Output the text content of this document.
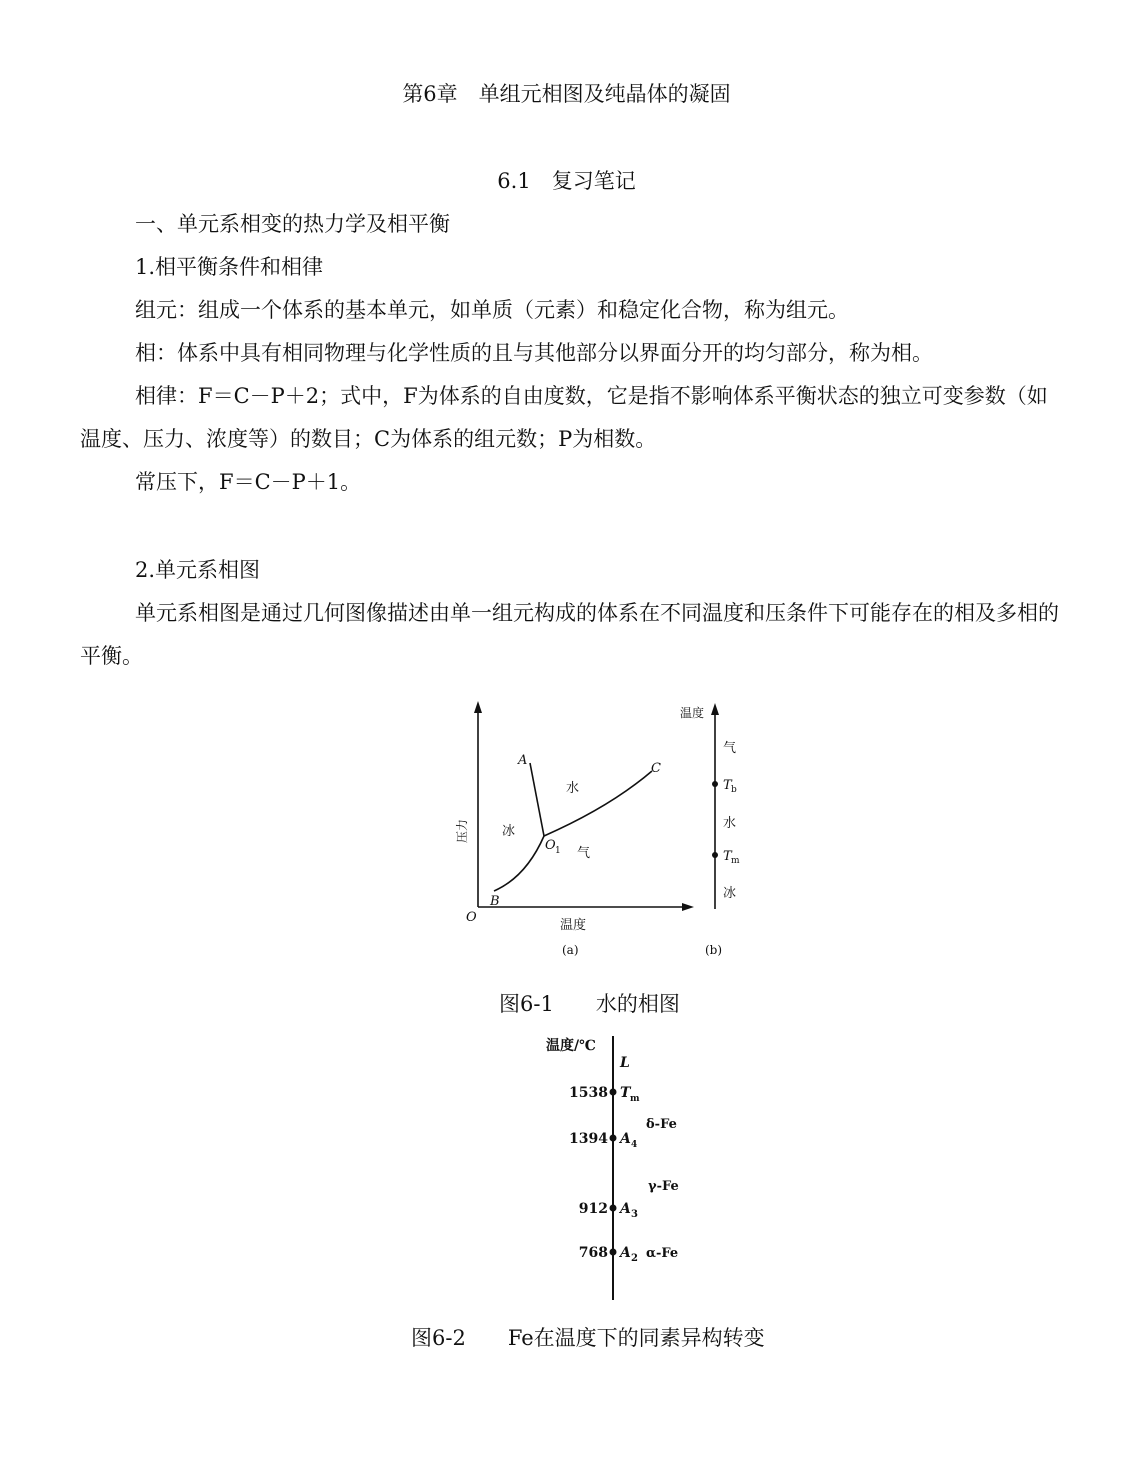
第6章　单组元相图及纯晶体的凝固
6.1　复习笔记
一、单元系相变的热力学及相平衡
1.相平衡条件和相律
组元：组成一个体系的基本单元，如单质（元素）和稳定化合物，称为组元。
相：体系中具有相同物理与化学性质的且与其他部分以界面分开的均匀部分，称为相。
相律：F＝C－P＋2；式中，F为体系的自由度数，它是指不影响体系平衡状态的独立可变参数（如温度、压力、浓度等）的数目；C为体系的组元数；P为相数。
常压下，F＝C－P＋1。
2.单元系相图
单元系相图是通过几何图像描述由单一组元构成的体系在不同温度和压条件下可能存在的相及多相的平衡。
压力
温度
O
A
B
C
O 1
水
冰
气
(a)
温度
气
T b
水
T m
冰
(b)
图6-1　　水的相图
温度/℃
L
1538 T m
δ-Fe
1394 A 4
γ-Fe
912 A 3
768 A 2 α-Fe
图6-2　　Fe在温度下的同素异构转变
